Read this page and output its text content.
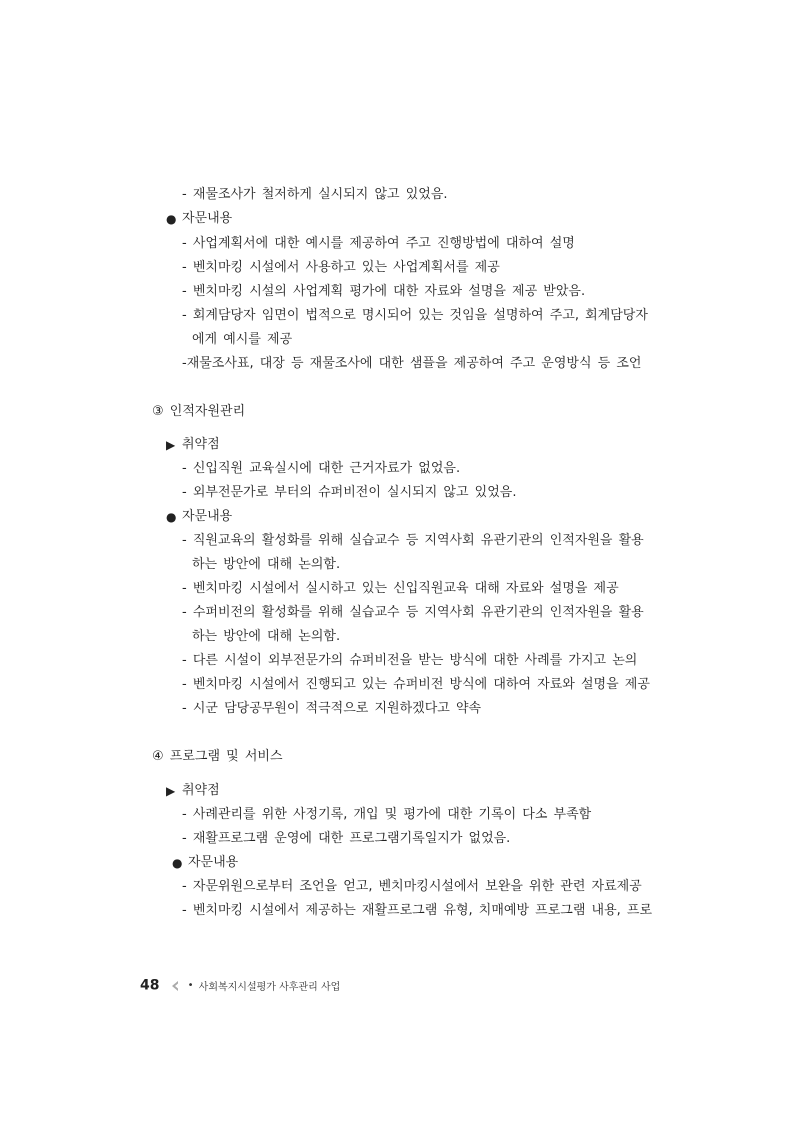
- 재물조사가 철저하게 실시되지 않고 있었음.
● 자문내용
- 사업계획서에 대한 예시를 제공하여 주고 진행방법에 대하여 설명
- 벤치마킹 시설에서 사용하고 있는 사업계획서를 제공
- 벤치마킹 시설의 사업계획 평가에 대한 자료와 설명을 제공 받았음.
- 회계담당자 임면이 법적으로 명시되어 있는 것임을 설명하여 주고, 회계담당자
에게 예시를 제공
-재물조사표, 대장 등 재물조사에 대한 샘플을 제공하여 주고 운영방식 등 조언
③ 인적자원관리
▶ 취약점
- 신입직원 교육실시에 대한 근거자료가 없었음.
- 외부전문가로 부터의 슈퍼비전이 실시되지 않고 있었음.
● 자문내용
- 직원교육의 활성화를 위해 실습교수 등 지역사회 유관기관의 인적자원을 활용
하는 방안에 대해 논의함.
- 벤치마킹 시설에서 실시하고 있는 신입직원교육 대해 자료와 설명을 제공
- 수퍼비전의 활성화를 위해 실습교수 등 지역사회 유관기관의 인적자원을 활용
하는 방안에 대해 논의함.
- 다른 시설이 외부전문가의 슈퍼비전을 받는 방식에 대한 사례를 가지고 논의
- 벤치마킹 시설에서 진행되고 있는 슈퍼비전 방식에 대하여 자료와 설명을 제공
- 시군 담당공무원이 적극적으로 지원하겠다고 약속
④ 프로그램 및 서비스
▶ 취약점
- 사례관리를 위한 사정기록, 개입 및 평가에 대한 기록이 다소 부족함
- 재활프로그램 운영에 대한 프로그램기록일지가 없었음.
● 자문내용
- 자문위원으로부터 조언을 얻고, 벤치마킹시설에서 보완을 위한 관련 자료제공
- 벤치마킹 시설에서 제공하는 재활프로그램 유형, 치매예방 프로그램 내용, 프로
48	• 사회복지시설평가 사후관리 사업
